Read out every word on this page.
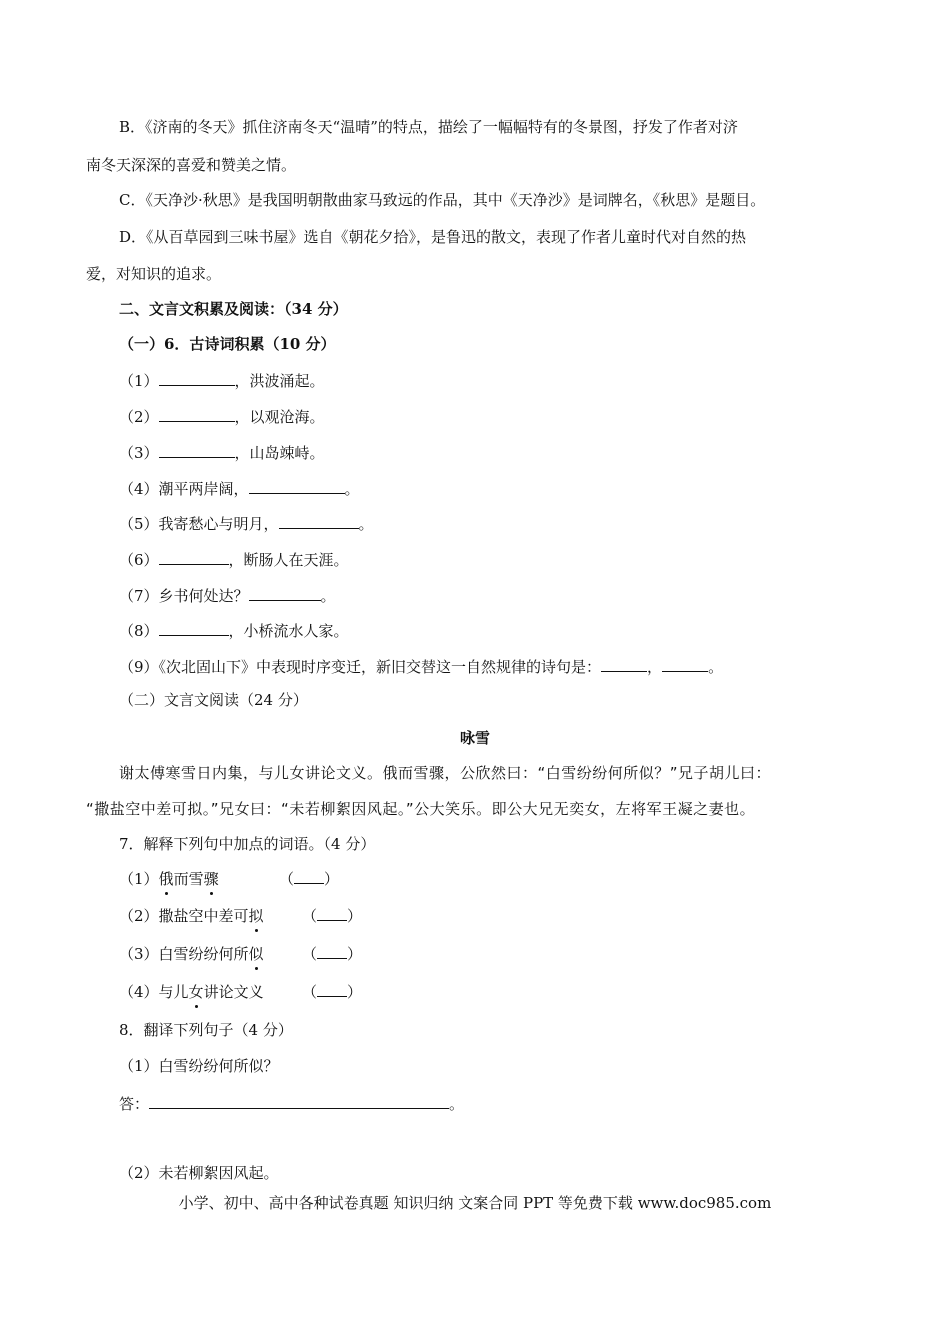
B．《济南的冬天》抓住济南冬天“温晴”的特点，描绘了一幅幅特有的冬景图，抒发了作者对济
南冬天深深的喜爱和赞美之情。
C．《天净沙·秋思》是我国明朝散曲家马致远的作品，其中《天净沙》是词牌名，《秋思》是题目。
D．《从百草园到三味书屋》选自《朝花夕拾》，是鲁迅的散文，表现了作者儿童时代对自然的热
爱，对知识的追求。
二、文言文积累及阅读：（34 分）
（一）6．古诗词积累（10 分）
（1）	，洪波涌起。
（2）	，以观沧海。
（3）	，山岛竦峙。
（4）潮平两岸阔，	。
（5）我寄愁心与明月，	。
（6）	，断肠人在天涯。
（7）乡书何处达？	。
（8）	，小桥流水人家。
（9）《次北固山下》中表现时序变迁，新旧交替这一自然规律的诗句是：	，	。
（二）文言文阅读（24 分）
咏雪
谢太傅寒雪日内集，与儿女讲论文义。俄而雪骤，公欣然曰：“白雪纷纷何所似？”兄子胡儿曰：
“撒盐空中差可拟。”兄女曰：“未若柳絮因风起。”公大笑乐。即公大兄无奕女，左将军王凝之妻也。
7．解释下列句中加点的词语。（4 分）
（1）俄而雪骤	（ ）
（2）撒盐空中差可拟	（ ）
（3）白雪纷纷何所似	（ ）
（4）与儿女讲论文义	（ ）
8．翻译下列句子（4 分）
（1）白雪纷纷何所似？
答：	。
（2）未若柳絮因风起。
小学、初中、高中各种试卷真题 知识归纳 文案合同 PPT 等免费下载 www.doc985.com
